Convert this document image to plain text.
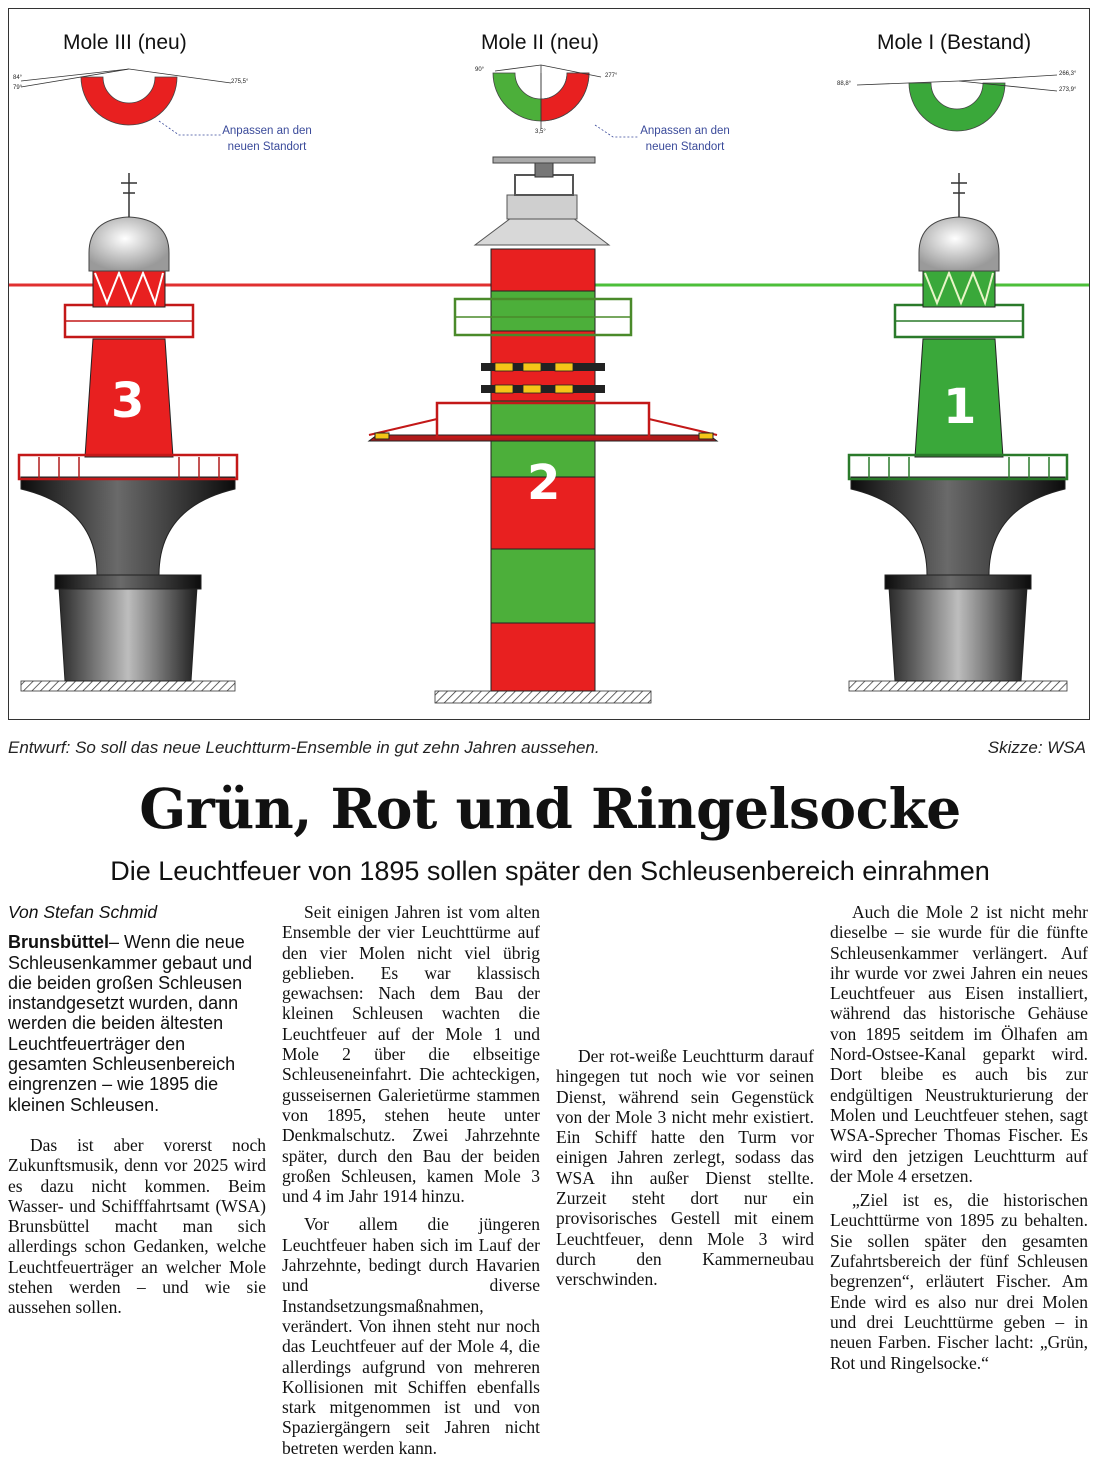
Mole III (neu)	Mole II (neu)	Mole I (Bestand)
84°
79°
275,5°
90°
277°
3,5°
88,8°
266,3°
273,9°
Anpassen an den
neuen Standort
Anpassen an den
neuen Standort
3
2
1
Entwurf: So soll das neue Leuchtturm-Ensemble in gut zehn Jahren aussehen.	Skizze: WSA
Grün, Rot und Ringelsocke
Die Leuchtfeuer von 1895 sollen später den Schleusenbereich einrahmen

Von Stefan Schmid

Brunsbüttel– Wenn die neue Schleusenkammer gebaut und die beiden großen Schleusen instandgesetzt wurden, dann werden die beiden ältesten Leuchtfeuerträger den gesamten Schleusenbereich eingrenzen – wie 1895 die kleinen Schleusen.

Das ist aber vorerst noch Zukunftsmusik, denn vor 2025 wird es dazu nicht kommen. Beim Wasser- und Schifffahrtsamt (WSA) Brunsbüttel macht man sich allerdings schon Gedanken, welche Leuchtfeuerträger an welcher Mole stehen werden – und wie sie aussehen sollen.

Seit einigen Jahren ist vom alten Ensemble der vier Leuchttürme auf den vier Molen nicht viel übrig geblieben. Es war klassisch gewachsen: Nach dem Bau der kleinen Schleusen wachten die Leuchtfeuer auf der Mole 1 und Mole 2 über die elbseitige Schleuseneinfahrt. Die achteckigen, gusseisernen Galerietürme stammen von 1895, stehen heute unter Denkmalschutz. Zwei Jahrzehnte später, durch den Bau der beiden großen Schleusen, kamen Mole 3 und 4 im Jahr 1914 hinzu.

Vor allem die jüngeren Leuchtfeuer haben sich im Lauf der Jahrzehnte, bedingt durch Havarien und diverse Instandsetzungsmaßnahmen, verändert. Von ihnen steht nur noch das Leuchtfeuer auf der Mole 4, die allerdings aufgrund von mehreren Kollisionen mit Schiffen ebenfalls stark mitgenommen ist und von Spaziergängern seit Jahren nicht betreten werden kann.

Der rot-weiße Leuchtturm darauf hingegen tut noch wie vor seinen Dienst, während sein Gegenstück von der Mole 3 nicht mehr existiert. Ein Schiff hatte den Turm vor einigen Jahren zerlegt, sodass das WSA ihn außer Dienst stellte. Zurzeit steht dort nur ein provisorisches Gestell mit einem Leuchtfeuer, denn Mole 3 wird durch den Kammerneubau verschwinden.

Auch die Mole 2 ist nicht mehr dieselbe – sie wurde für die fünfte Schleusenkammer verlängert. Auf ihr wurde vor zwei Jahren ein neues Leuchtfeuer aus Eisen installiert, während das historische Gehäuse von 1895 seitdem im Ölhafen am Nord-Ostsee-Kanal geparkt wird. Dort bleibe es auch bis zur endgültigen Neustrukturierung der Molen und Leuchtfeuer stehen, sagt WSA-Sprecher Thomas Fischer. Es wird den jetzigen Leuchtturm auf der Mole 4 ersetzen.

„Ziel ist es, die historischen Leuchttürme von 1895 zu behalten. Sie sollen später den gesamten Zufahrtsbereich der fünf Schleusen begrenzen“, erläutert Fischer. Am Ende wird es also nur drei Molen und drei Leuchttürme geben – in neuen Farben. Fischer lacht: „Grün, Rot und Ringelsocke.“
